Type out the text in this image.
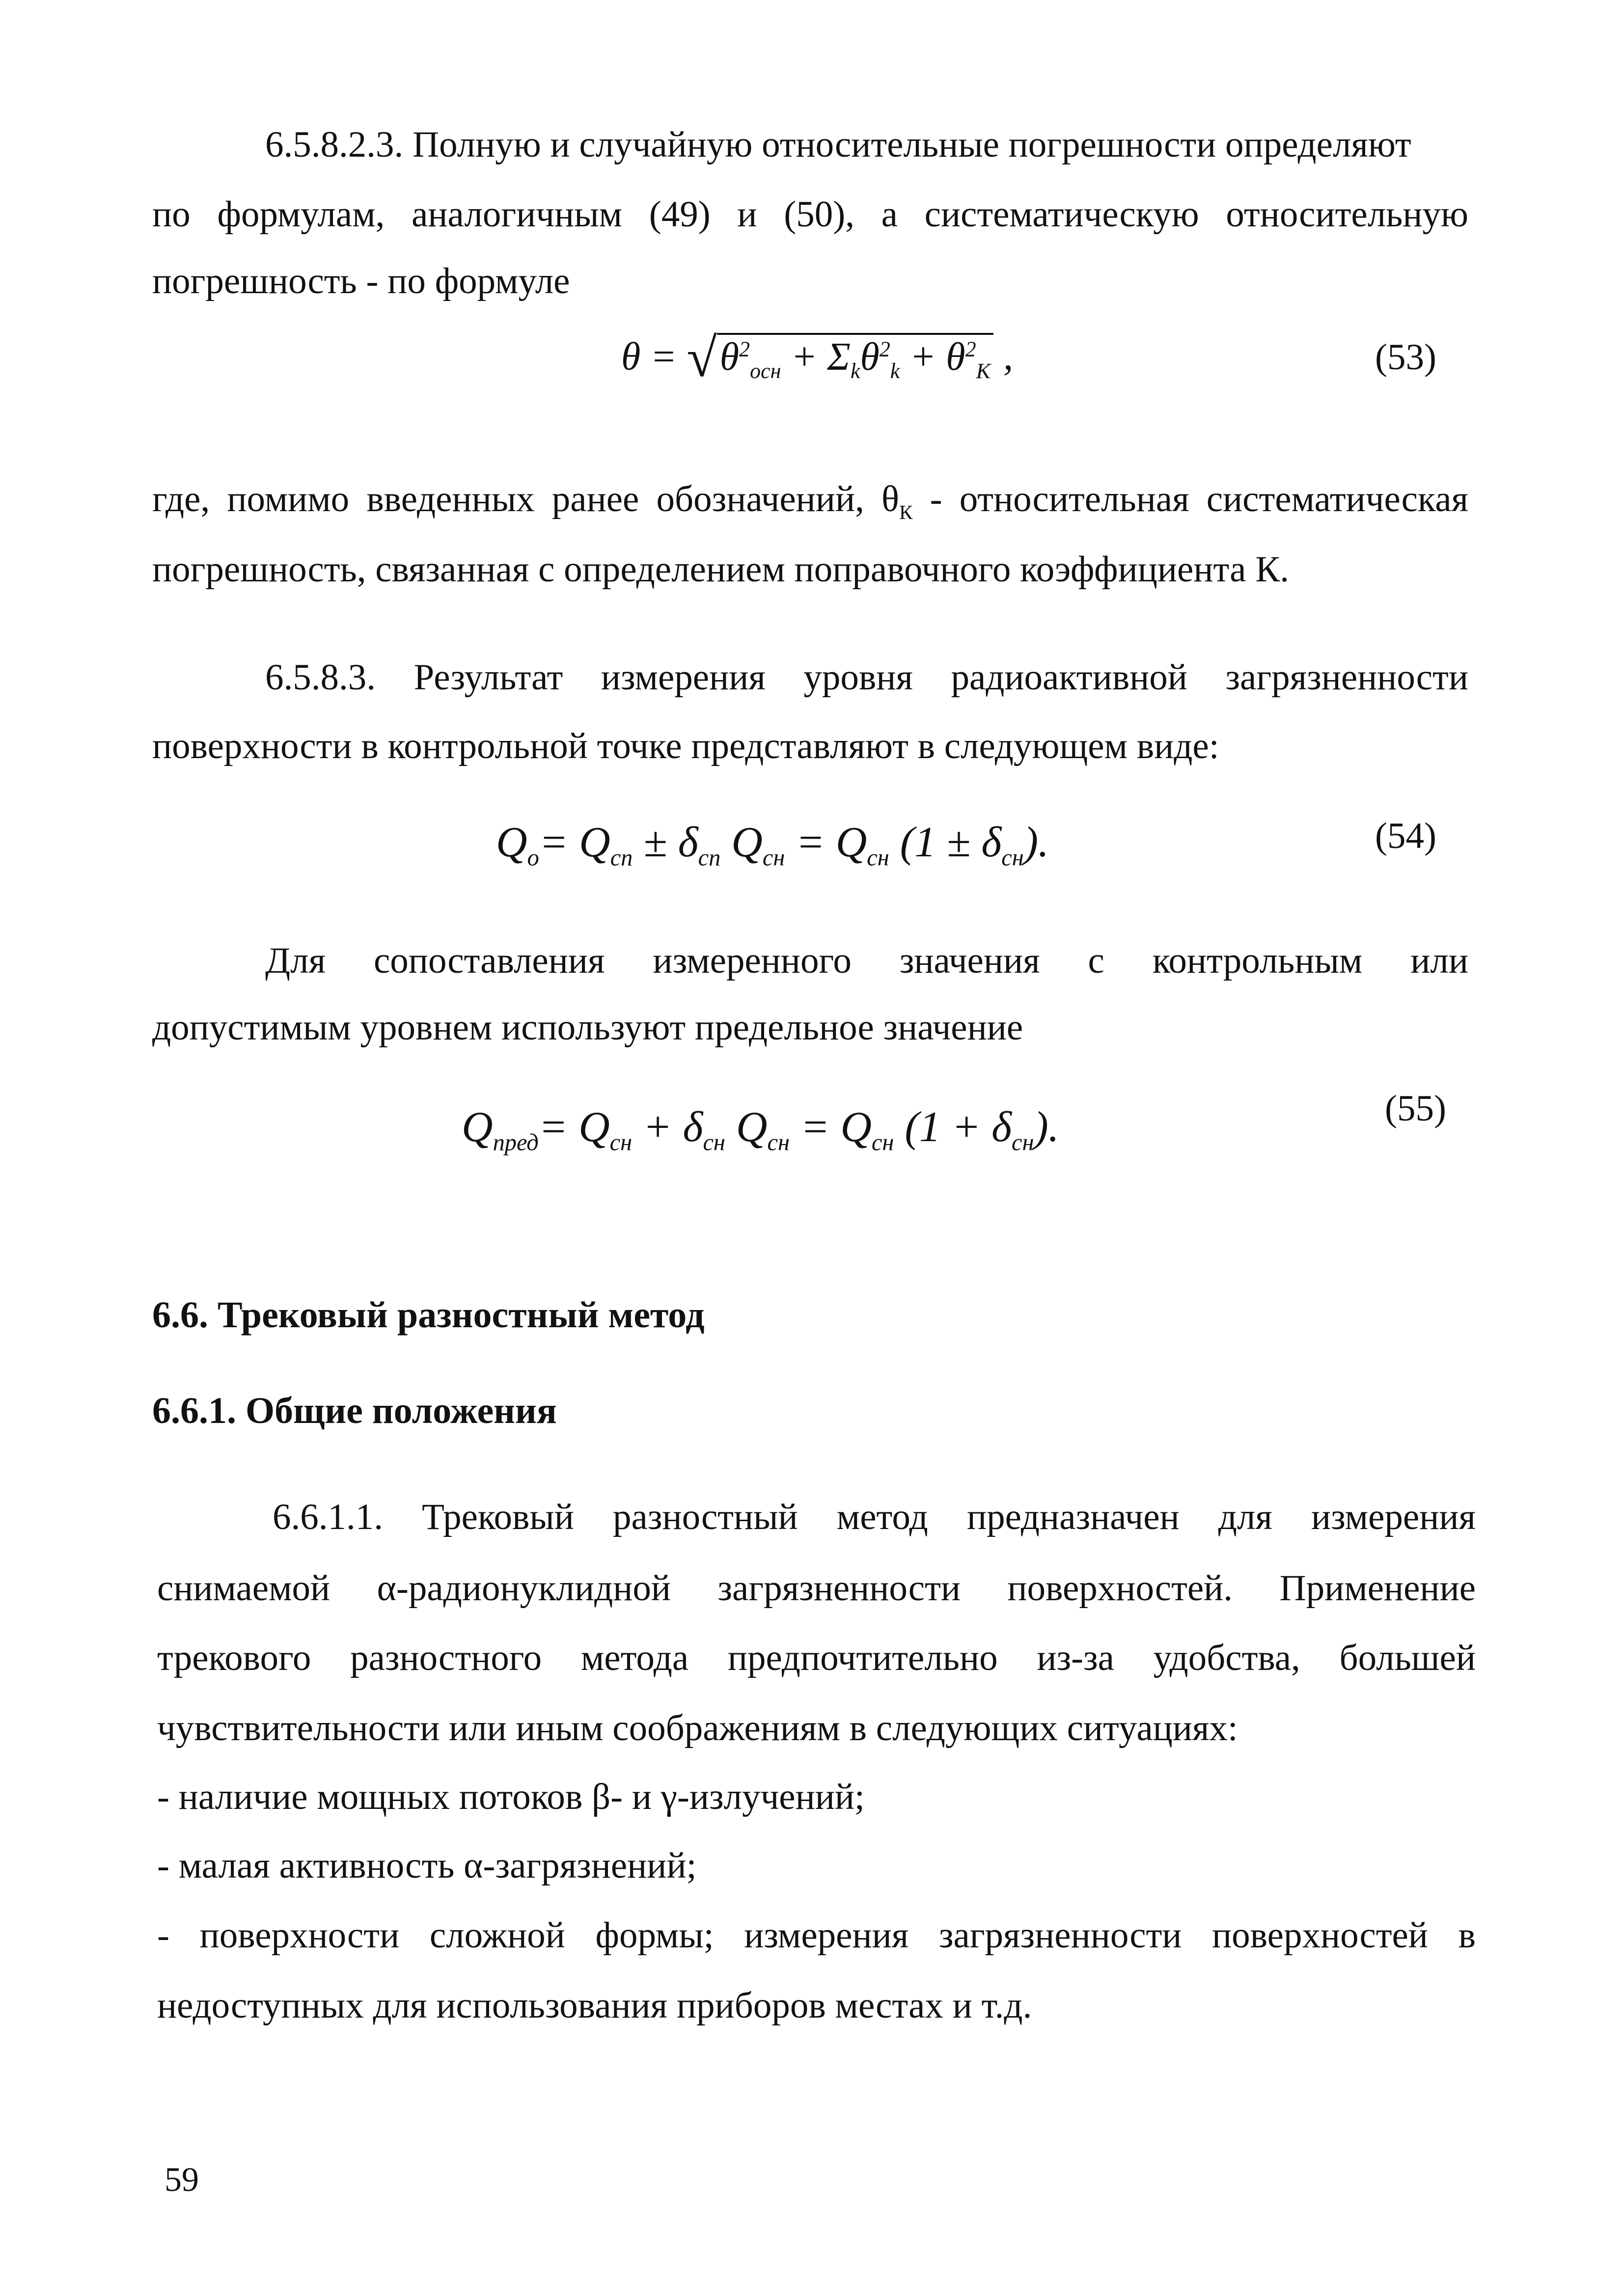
6.5.8.2.3. Полную и случайную относительные погрешности определяют

по формулам, аналогичным (49) и (50), а систематическую относительную

погрешность - по формуле

$\theta = √\theta^2_{осн} + \Sigma_k\theta^2_k + \theta^2_K$ ,	(53)

где, помимо введенных ранее обозначений, $\theta_К$ - относительная систематическая

погрешность, связанная с определением поправочного коэффициента К.

6.5.8.3. Результат измерения уровня радиоактивной загрязненности

поверхности в контрольной точке представляют в следующем виде:

$Q_o= Q_{сп} \pm \delta_{сп}$ $Q_{сн} = Q_{сн}$ $(1 \pm \delta_{сн})$.	(54)

Для сопоставления измеренного значения с контрольным или

допустимым уровнем используют предельное значение

$Q_{пред}= Q_{сн} + \delta_{сн}$ $Q_{сн} = Q_{сн}$ $(1 + \delta_{сн})$.	(55)
6.6. Трековый разностный метод
6.6.1. Общие положения

6.6.1.1. Трековый разностный метод предназначен для измерения

снимаемой α-радионуклидной загрязненности поверхностей. Применение

трекового разностного метода предпочтительно из-за удобства, большей

чувствительности или иным соображениям в следующих ситуациях:

- наличие мощных потоков β- и γ-излучений;

- малая активность α-загрязнений;

- поверхности сложной формы; измерения загрязненности поверхностей в

недоступных для использования приборов местах и т.д.

59
